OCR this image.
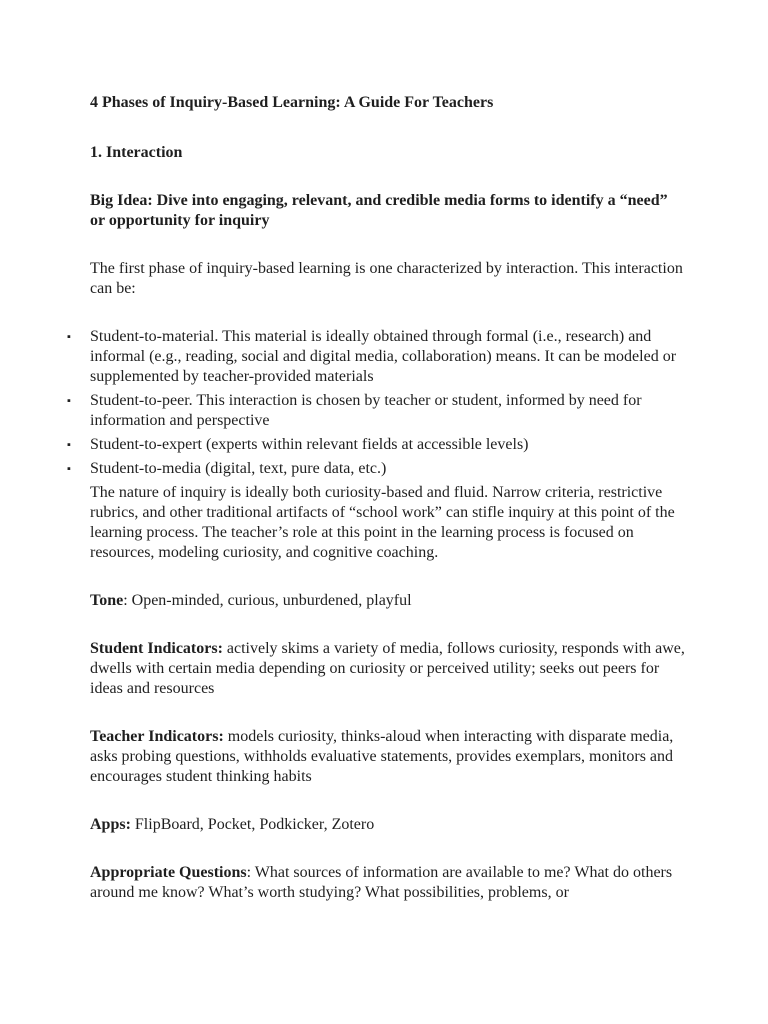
4 Phases of Inquiry-Based Learning: A Guide For Teachers

1. Interaction

Big Idea: Dive into engaging, relevant, and credible media forms to identify a “need” or opportunity for inquiry

The first phase of inquiry-based learning is one characterized by interaction. This interaction can be:

▪ Student-to-material. This material is ideally obtained through formal (i.e., research) and informal (e.g., reading, social and digital media, collaboration) means. It can be modeled or supplemented by teacher-provided materials
▪ Student-to-peer. This interaction is chosen by teacher or student, informed by need for information and perspective
▪ Student-to-expert (experts within relevant fields at accessible levels)
▪ Student-to-media (digital, text, pure data, etc.)

The nature of inquiry is ideally both curiosity-based and fluid. Narrow criteria, restrictive rubrics, and other traditional artifacts of “school work” can stifle inquiry at this point of the learning process. The teacher’s role at this point in the learning process is focused on resources, modeling curiosity, and cognitive coaching.

Tone: Open-minded, curious, unburdened, playful

Student Indicators: actively skims a variety of media, follows curiosity, responds with awe, dwells with certain media depending on curiosity or perceived utility; seeks out peers for ideas and resources

Teacher Indicators: models curiosity, thinks-aloud when interacting with disparate media, asks probing questions, withholds evaluative statements, provides exemplars, monitors and encourages student thinking habits

Apps: FlipBoard, Pocket, Podkicker, Zotero

Appropriate Questions: What sources of information are available to me? What do others around me know? What’s worth studying? What possibilities, problems, or
